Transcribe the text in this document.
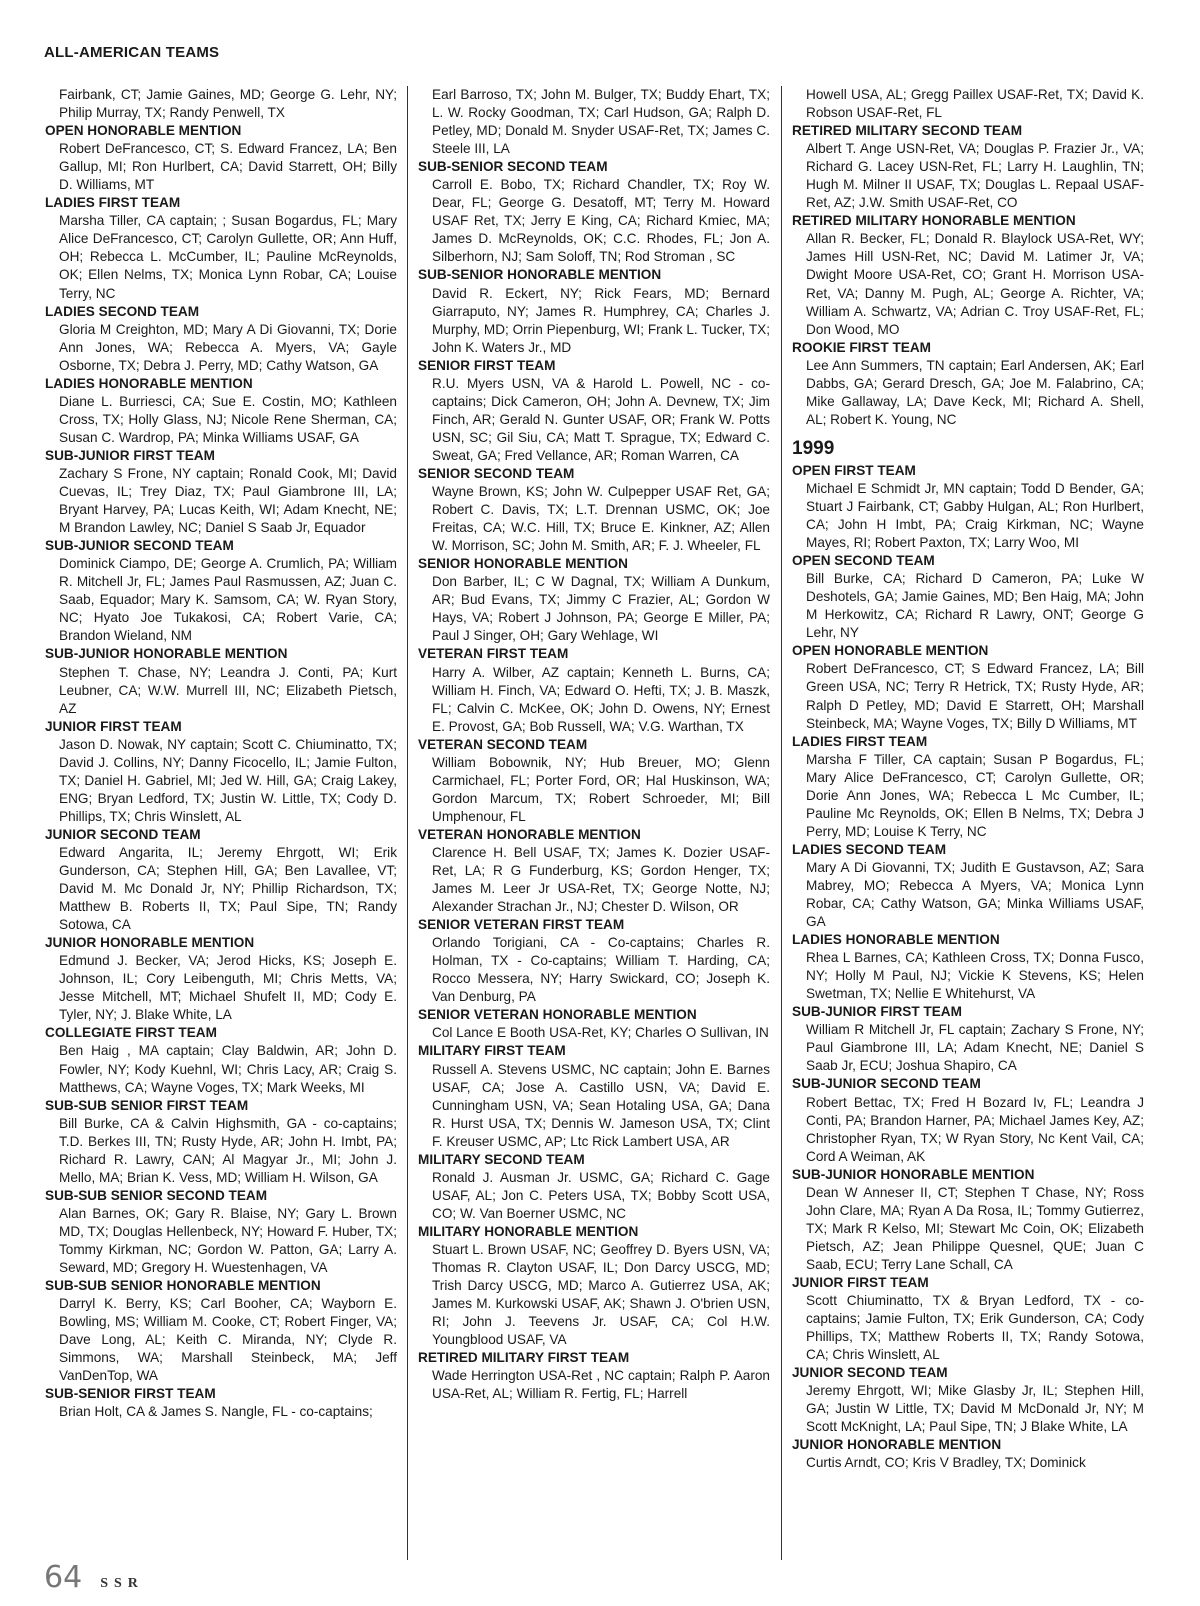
ALL-AMERICAN TEAMS
Fairbank, CT; Jamie Gaines, MD; George G. Lehr, NY; Philip Murray, TX; Randy Penwell, TX
OPEN HONORABLE MENTION
Robert DeFrancesco, CT; S. Edward Francez, LA; Ben Gallup, MI; Ron Hurlbert, CA; David Starrett, OH; Billy D. Williams, MT
LADIES FIRST TEAM
Marsha Tiller, CA captain; ; Susan Bogardus, FL; Mary Alice DeFrancesco, CT; Carolyn Gullette, OR; Ann Huff, OH; Rebecca L. McCumber, IL; Pauline McReynolds, OK; Ellen Nelms, TX; Monica Lynn Robar, CA; Louise Terry, NC
LADIES SECOND TEAM
Gloria M Creighton, MD; Mary A Di Giovanni, TX; Dorie Ann Jones, WA; Rebecca A. Myers, VA; Gayle Osborne, TX; Debra J. Perry, MD; Cathy Watson, GA
LADIES HONORABLE MENTION
Diane L. Burriesci, CA; Sue E. Costin, MO; Kathleen Cross, TX; Holly Glass, NJ; Nicole Rene Sherman, CA; Susan C. Wardrop, PA; Minka Williams USAF, GA
SUB-JUNIOR FIRST TEAM
Zachary S Frone, NY captain; Ronald Cook, MI; David Cuevas, IL; Trey Diaz, TX; Paul Giambrone III, LA; Bryant Harvey, PA; Lucas Keith, WI; Adam Knecht, NE; M Brandon Lawley, NC; Daniel S Saab Jr, Equador
SUB-JUNIOR SECOND TEAM
Dominick Ciampo, DE; George A. Crumlich, PA; William R. Mitchell Jr, FL; James Paul Rasmussen, AZ; Juan C. Saab, Equador; Mary K. Samsom, CA; W. Ryan Story, NC; Hyato Joe Tukakosi, CA; Robert Varie, CA; Brandon Wieland, NM
SUB-JUNIOR HONORABLE MENTION
Stephen T. Chase, NY; Leandra J. Conti, PA; Kurt Leubner, CA; W.W. Murrell III, NC; Elizabeth Pietsch, AZ
JUNIOR FIRST TEAM
Jason D. Nowak, NY captain; Scott C. Chiuminatto, TX; David J. Collins, NY; Danny Ficocello, IL; Jamie Fulton, TX; Daniel H. Gabriel, MI; Jed W. Hill, GA; Craig Lakey, ENG; Bryan Ledford, TX; Justin W. Little, TX; Cody D. Phillips, TX; Chris Winslett, AL
JUNIOR SECOND TEAM
Edward Angarita, IL; Jeremy Ehrgott, WI; Erik Gunderson, CA; Stephen Hill, GA; Ben Lavallee, VT; David M. Mc Donald Jr, NY; Phillip Richardson, TX; Matthew B. Roberts II, TX; Paul Sipe, TN; Randy Sotowa, CA
JUNIOR HONORABLE MENTION
Edmund J. Becker, VA; Jerod Hicks, KS; Joseph E. Johnson, IL; Cory Leibenguth, MI; Chris Metts, VA; Jesse Mitchell, MT; Michael Shufelt II, MD; Cody E. Tyler, NY; J. Blake White, LA
COLLEGIATE FIRST TEAM
Ben Haig , MA captain; Clay Baldwin, AR; John D. Fowler, NY; Kody Kuehnl, WI; Chris Lacy, AR; Craig S. Matthews, CA; Wayne Voges, TX; Mark Weeks, MI
SUB-SUB SENIOR FIRST TEAM
Bill Burke, CA & Calvin Highsmith, GA - co-captains; T.D. Berkes III, TN; Rusty Hyde, AR; John H. Imbt, PA; Richard R. Lawry, CAN; Al Magyar Jr., MI; John J. Mello, MA; Brian K. Vess, MD; William H. Wilson, GA
SUB-SUB SENIOR SECOND TEAM
Alan Barnes, OK; Gary R. Blaise, NY; Gary L. Brown MD, TX; Douglas Hellenbeck, NY; Howard F. Huber, TX; Tommy Kirkman, NC; Gordon W. Patton, GA; Larry A. Seward, MD; Gregory H. Wuestenhagen, VA
SUB-SUB SENIOR HONORABLE MENTION
Darryl K. Berry, KS; Carl Booher, CA; Wayborn E. Bowling, MS; William M. Cooke, CT; Robert Finger, VA; Dave Long, AL; Keith C. Miranda, NY; Clyde R. Simmons, WA; Marshall Steinbeck, MA; Jeff VanDenTop, WA
SUB-SENIOR FIRST TEAM
Brian Holt, CA & James S. Nangle, FL - co-captains;
Earl Barroso, TX; John M. Bulger, TX; Buddy Ehart, TX; L. W. Rocky Goodman, TX; Carl Hudson, GA; Ralph D. Petley, MD; Donald M. Snyder USAF-Ret, TX; James C. Steele III, LA
SUB-SENIOR SECOND TEAM
Carroll E. Bobo, TX; Richard Chandler, TX; Roy W. Dear, FL; George G. Desatoff, MT; Terry M. Howard USAF Ret, TX; Jerry E King, CA; Richard Kmiec, MA; James D. McReynolds, OK; C.C. Rhodes, FL; Jon A. Silberhorn, NJ; Sam Soloff, TN; Rod Stroman , SC
SUB-SENIOR HONORABLE MENTION
David R. Eckert, NY; Rick Fears, MD; Bernard Giarraputo, NY; James R. Humphrey, CA; Charles J. Murphy, MD; Orrin Piepenburg, WI; Frank L. Tucker, TX; John K. Waters Jr., MD
SENIOR FIRST TEAM
R.U. Myers USN, VA & Harold L. Powell, NC - co-captains; Dick Cameron, OH; John A. Devnew, TX; Jim Finch, AR; Gerald N. Gunter USAF, OR; Frank W. Potts USN, SC; Gil Siu, CA; Matt T. Sprague, TX; Edward C. Sweat, GA; Fred Vellance, AR; Roman Warren, CA
SENIOR SECOND TEAM
Wayne Brown, KS; John W. Culpepper USAF Ret, GA; Robert C. Davis, TX; L.T. Drennan USMC, OK; Joe Freitas, CA; W.C. Hill, TX; Bruce E. Kinkner, AZ; Allen W. Morrison, SC; John M. Smith, AR; F. J. Wheeler, FL
SENIOR HONORABLE MENTION
Don Barber, IL; C W Dagnal, TX; William A Dunkum, AR; Bud Evans, TX; Jimmy C Frazier, AL; Gordon W Hays, VA; Robert J Johnson, PA; George E Miller, PA; Paul J Singer, OH; Gary Wehlage, WI
VETERAN FIRST TEAM
Harry A. Wilber, AZ captain; Kenneth L. Burns, CA; William H. Finch, VA; Edward O. Hefti, TX; J. B. Maszk, FL; Calvin C. McKee, OK; John D. Owens, NY; Ernest E. Provost, GA; Bob Russell, WA; V.G. Warthan, TX
VETERAN SECOND TEAM
William Bobownik, NY; Hub Breuer, MO; Glenn Carmichael, FL; Porter Ford, OR; Hal Huskinson, WA; Gordon Marcum, TX; Robert Schroeder, MI; Bill Umphenour, FL
VETERAN HONORABLE MENTION
Clarence H. Bell USAF, TX; James K. Dozier USAF-Ret, LA; R G Funderburg, KS; Gordon Henger, TX; James M. Leer Jr USA-Ret, TX; George Notte, NJ; Alexander Strachan Jr., NJ; Chester D. Wilson, OR
SENIOR VETERAN FIRST TEAM
Orlando Torigiani, CA - Co-captains; Charles R. Holman, TX - Co-captains; William T. Harding, CA; Rocco Messera, NY; Harry Swickard, CO; Joseph K. Van Denburg, PA
SENIOR VETERAN HONORABLE MENTION
Col Lance E Booth USA-Ret, KY; Charles O Sullivan, IN
MILITARY FIRST TEAM
Russell A. Stevens USMC, NC captain; John E. Barnes USAF, CA; Jose A. Castillo USN, VA; David E. Cunningham USN, VA; Sean Hotaling USA, GA; Dana R. Hurst USA, TX; Dennis W. Jameson USA, TX; Clint F. Kreuser USMC, AP; Ltc Rick Lambert USA, AR
MILITARY SECOND TEAM
Ronald J. Ausman Jr. USMC, GA; Richard C. Gage USAF, AL; Jon C. Peters USA, TX; Bobby Scott USA, CO; W. Van Boerner USMC, NC
MILITARY HONORABLE MENTION
Stuart L. Brown USAF, NC; Geoffrey D. Byers USN, VA; Thomas R. Clayton USAF, IL; Don Darcy USCG, MD; Trish Darcy USCG, MD; Marco A. Gutierrez USA, AK; James M. Kurkowski USAF, AK; Shawn J. O'brien USN, RI; John J. Teevens Jr. USAF, CA; Col H.W. Youngblood USAF, VA
RETIRED MILITARY FIRST TEAM
Wade Herrington USA-Ret , NC captain; Ralph P. Aaron USA-Ret, AL; William R. Fertig, FL; Harrell
Howell USA, AL; Gregg Paillex USAF-Ret, TX; David K. Robson USAF-Ret, FL
RETIRED MILITARY SECOND TEAM
Albert T. Ange USN-Ret, VA; Douglas P. Frazier Jr., VA; Richard G. Lacey USN-Ret, FL; Larry H. Laughlin, TN; Hugh M. Milner II USAF, TX; Douglas L. Repaal USAF- Ret, AZ; J.W. Smith USAF-Ret, CO
RETIRED MILITARY HONORABLE MENTION
Allan R. Becker, FL; Donald R. Blaylock USA-Ret, WY; James Hill USN-Ret, NC; David M. Latimer Jr, VA; Dwight Moore USA-Ret, CO; Grant H. Morrison USA-Ret, VA; Danny M. Pugh, AL; George A. Richter, VA; William A. Schwartz, VA; Adrian C. Troy USAF-Ret, FL; Don Wood, MO
ROOKIE FIRST TEAM
Lee Ann Summers, TN captain; Earl Andersen, AK; Earl Dabbs, GA; Gerard Dresch, GA; Joe M. Falabrino, CA; Mike Gallaway, LA; Dave Keck, MI; Richard A. Shell, AL; Robert K. Young, NC
1999
OPEN FIRST TEAM
Michael E Schmidt Jr, MN captain; Todd D Bender, GA; Stuart J Fairbank, CT; Gabby Hulgan, AL; Ron Hurlbert, CA; John H Imbt, PA; Craig Kirkman, NC; Wayne Mayes, RI; Robert Paxton, TX; Larry Woo, MI
OPEN SECOND TEAM
Bill Burke, CA; Richard D Cameron, PA; Luke W Deshotels, GA; Jamie Gaines, MD; Ben Haig, MA; John M Herkowitz, CA; Richard R Lawry, ONT; George G Lehr, NY
OPEN HONORABLE MENTION
Robert DeFrancesco, CT; S Edward Francez, LA; Bill Green USA, NC; Terry R Hetrick, TX; Rusty Hyde, AR; Ralph D Petley, MD; David E Starrett, OH; Marshall Steinbeck, MA; Wayne Voges, TX; Billy D Williams, MT
LADIES FIRST TEAM
Marsha F Tiller, CA captain; Susan P Bogardus, FL; Mary Alice DeFrancesco, CT; Carolyn Gullette, OR; Dorie Ann Jones, WA; Rebecca L Mc Cumber, IL; Pauline Mc Reynolds, OK; Ellen B Nelms, TX; Debra J Perry, MD; Louise K Terry, NC
LADIES SECOND TEAM
Mary A Di Giovanni, TX; Judith E Gustavson, AZ; Sara Mabrey, MO; Rebecca A Myers, VA; Monica Lynn Robar, CA; Cathy Watson, GA; Minka Williams USAF, GA
LADIES HONORABLE MENTION
Rhea L Barnes, CA; Kathleen Cross, TX; Donna Fusco, NY; Holly M Paul, NJ; Vickie K Stevens, KS; Helen Swetman, TX; Nellie E Whitehurst, VA
SUB-JUNIOR FIRST TEAM
William R Mitchell Jr, FL captain; Zachary S Frone, NY; Paul Giambrone III, LA; Adam Knecht, NE; Daniel S Saab Jr, ECU; Joshua Shapiro, CA
SUB-JUNIOR SECOND TEAM
Robert Bettac, TX; Fred H Bozard Iv, FL; Leandra J Conti, PA; Brandon Harner, PA; Michael James Key, AZ; Christopher Ryan, TX; W Ryan Story, Nc Kent Vail, CA; Cord A Weiman, AK
SUB-JUNIOR HONORABLE MENTION
Dean W Anneser II, CT; Stephen T Chase, NY; Ross John Clare, MA; Ryan A Da Rosa, IL; Tommy Gutierrez, TX; Mark R Kelso, MI; Stewart Mc Coin, OK; Elizabeth Pietsch, AZ; Jean Philippe Quesnel, QUE; Juan C Saab, ECU; Terry Lane Schall, CA
JUNIOR FIRST TEAM
Scott Chiuminatto, TX & Bryan Ledford, TX - co-captains; Jamie Fulton, TX; Erik Gunderson, CA; Cody Phillips, TX; Matthew Roberts II, TX; Randy Sotowa, CA; Chris Winslett, AL
JUNIOR SECOND TEAM
Jeremy Ehrgott, WI; Mike Glasby Jr, IL; Stephen Hill, GA; Justin W Little, TX; David M McDonald Jr, NY; M Scott McKnight, LA; Paul Sipe, TN; J Blake White, LA
JUNIOR HONORABLE MENTION
Curtis Arndt, CO; Kris V Bradley, TX; Dominick
64 SSR
